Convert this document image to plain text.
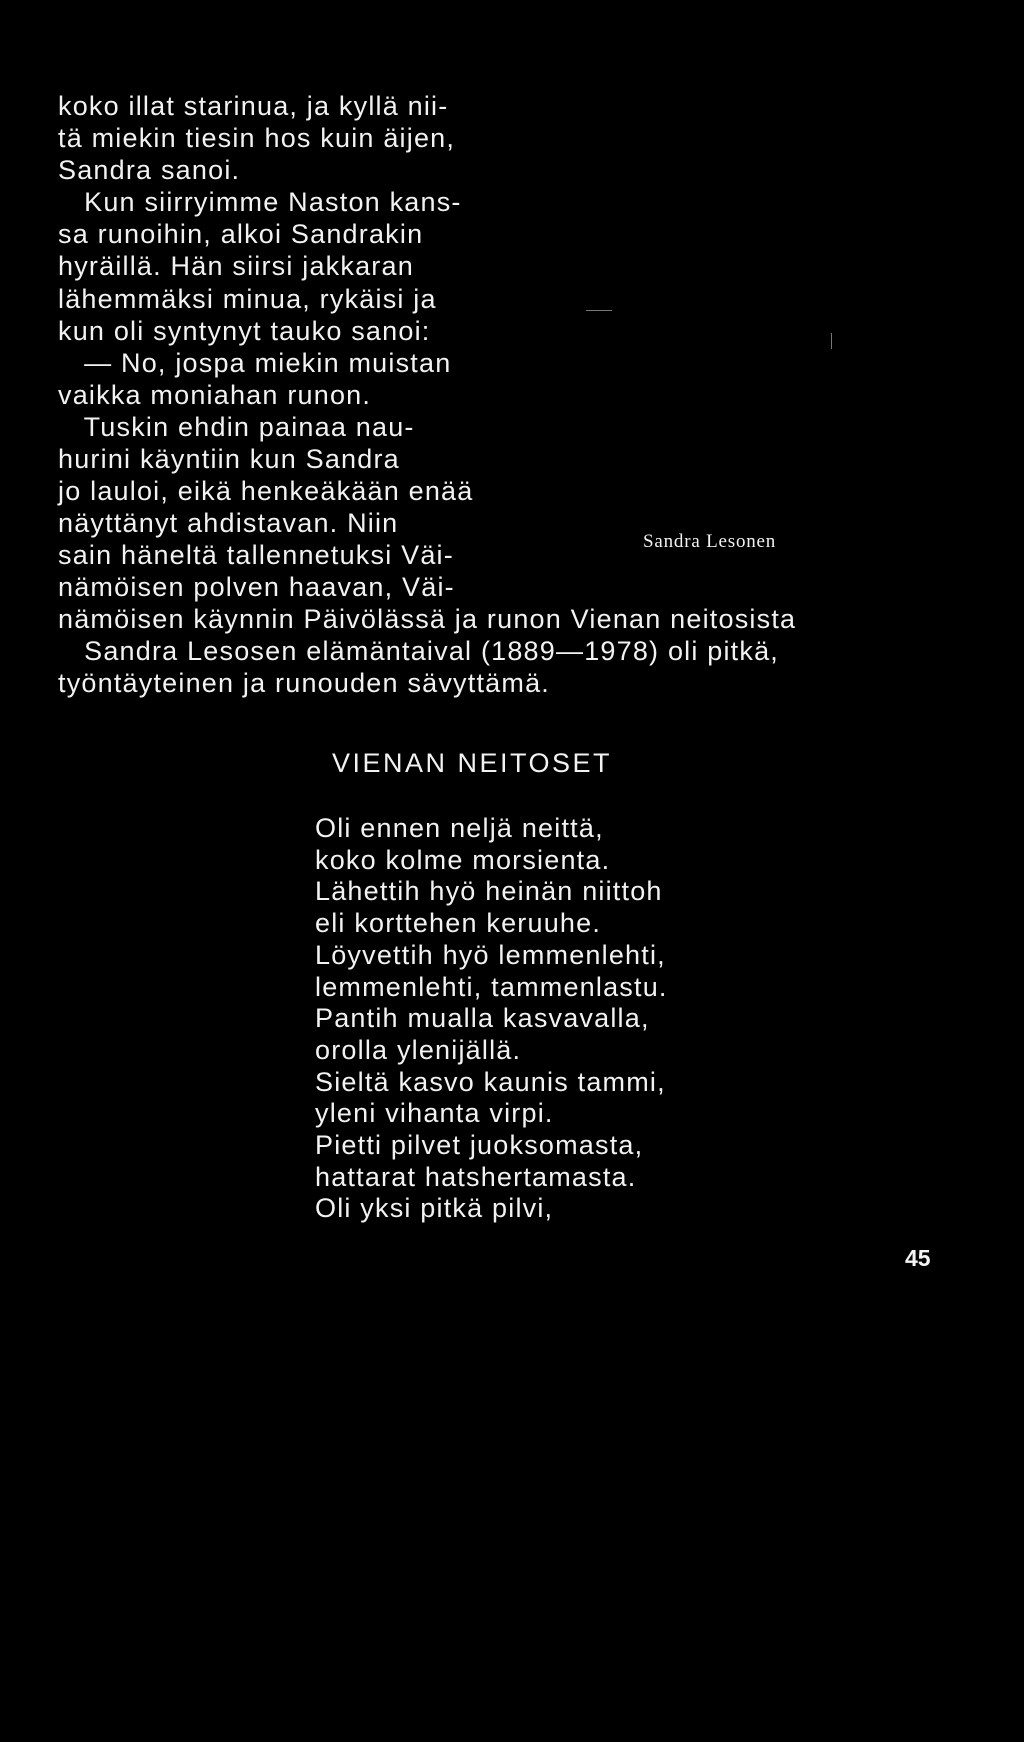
koko illat starinua, ja kyllä nii-
tä miekin tiesin hos kuin äijen,
Sandra sanoi.
Kun siirryimme Naston kans-
sa runoihin, alkoi Sandrakin
hyräillä. Hän siirsi jakkaran
lähemmäksi minua, rykäisi ja
kun oli syntynyt tauko sanoi:
— No, jospa miekin muistan
vaikka moniahan runon.
Tuskin ehdin painaa nau-
hurini käyntiin kun Sandra
jo lauloi, eikä henkeäkään enää
näyttänyt ahdistavan. Niin
sain häneltä tallennetuksi Väi-
nämöisen polven haavan, Väi-
Sandra Lesonen
nämöisen käynnin Päivölässä ja runon Vienan neitosista
Sandra Lesosen elämäntaival (1889—1978) oli pitkä,
työntäyteinen ja runouden sävyttämä.
VIENAN NEITOSET
Oli ennen neljä neittä,
koko kolme morsienta.
Lähettih hyö heinän niittoh
eli korttehen keruuhe.
Löyvettih hyö lemmenlehti,
lemmenlehti, tammenlastu.
Pantih mualla kasvavalla,
orolla ylenijällä.
Sieltä kasvo kaunis tammi,
yleni vihanta virpi.
Pietti pilvet juoksomasta,
hattarat hatshertamasta.
Oli yksi pitkä pilvi,
45
